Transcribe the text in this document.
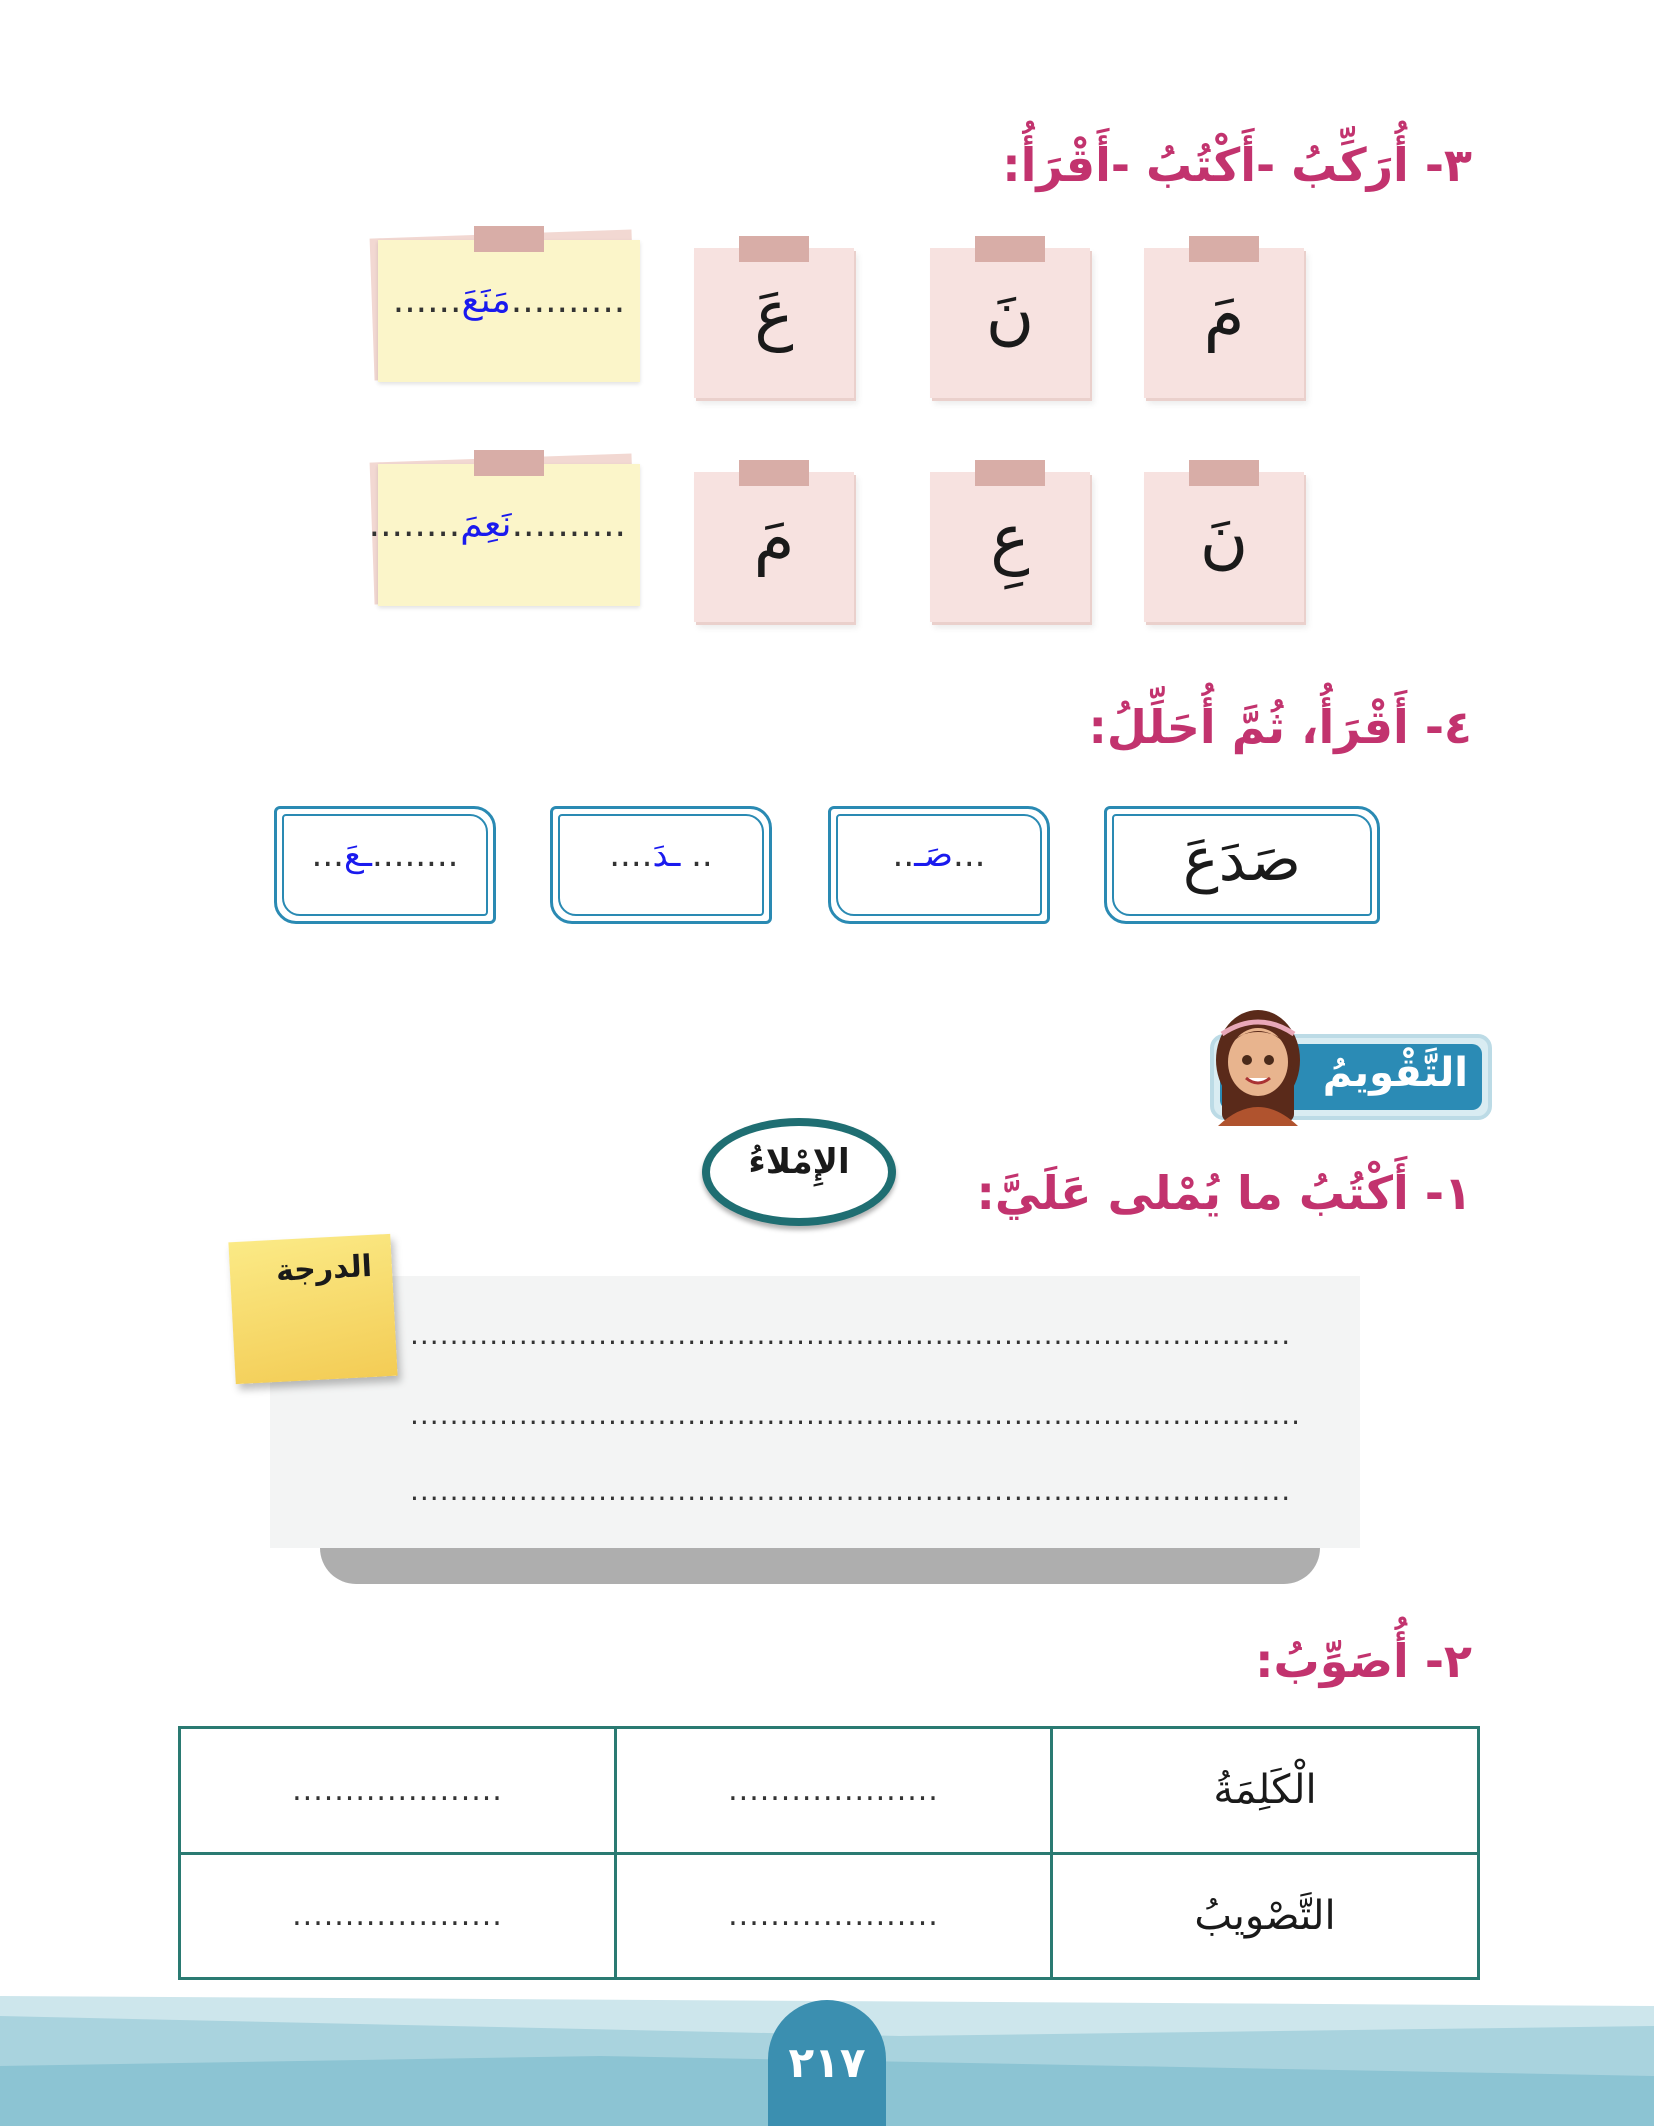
٣- أُرَكِّبُ -أَكْتُبُ -أَقْرَأُ:
مَ
نَ
عَ
..........مَنَعَ......
نَ
عِ
مَ
..........نَعِمَ........
٤- أَقْرَأُ، ثُمَّ أُحَلِّلُ:
صَدَعَ
...صَـ..
.. ـدَ....
........ـعَ...
التَّقْويمُ
الإِمْلاءُ
١- أَكْتُبُ ما يُمْلى عَلَيَّ:
.........................................................................................
..........................................................................................
.........................................................................................
الدرجة
٢- أُصَوِّبُ:
الْكَلِمَةُ	....................	....................
التَّصْويبُ	....................	....................
٢١٧
